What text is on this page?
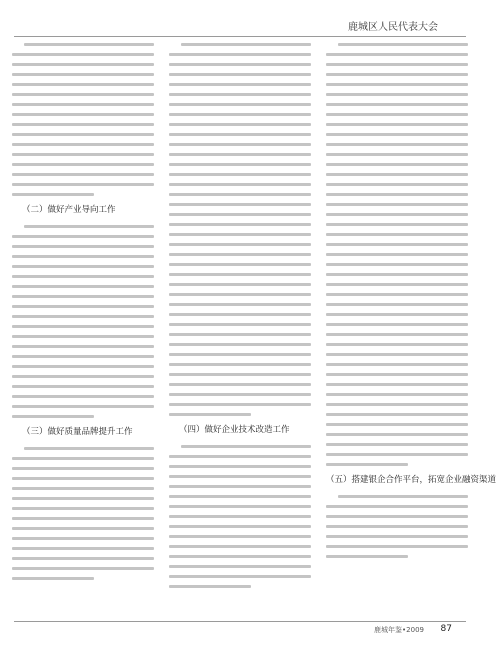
鹿城区人民代表大会
（二）做好产业导向工作
（三）做好质量品牌提升工作	（四）做好企业技术改造工作
（五）搭建银企合作平台，拓宽企业融资渠道
鹿城年鉴•2009 87
